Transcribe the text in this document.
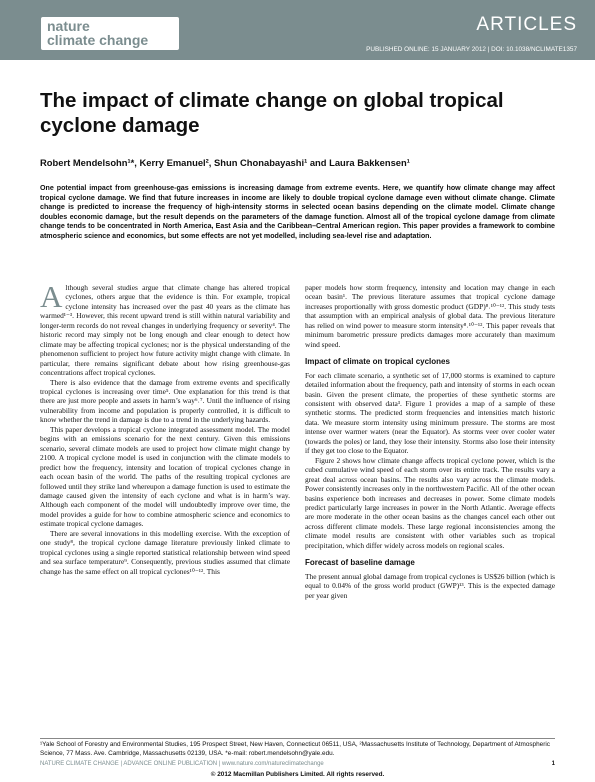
nature
climate change
ARTICLES
PUBLISHED ONLINE: 15 JANUARY 2012 | DOI: 10.1038/NCLIMATE1357
The impact of climate change on global tropical cyclone damage
Robert Mendelsohn¹*, Kerry Emanuel², Shun Chonabayashi¹ and Laura Bakkensen¹
One potential impact from greenhouse-gas emissions is increasing damage from extreme events. Here, we quantify how climate change may affect tropical cyclone damage. We find that future increases in income are likely to double tropical cyclone damage even without climate change. Climate change is predicted to increase the frequency of high-intensity storms in selected ocean basins depending on the climate model. Climate change doubles economic damage, but the result depends on the parameters of the damage function. Almost all of the tropical cyclone damage from climate change tends to be concentrated in North America, East Asia and the Caribbean–Central American region. This paper provides a framework to combine atmospheric science and economics, but some effects are not yet modelled, including sea-level rise and adaptation.

Although several studies argue that climate change has altered tropical cyclones, others argue that the evidence is thin. For example, tropical cyclone intensity has increased over the past 40 years as the climate has warmed¹⁻³. However, this recent upward trend is still within natural variability and longer-term records do not reveal changes in underlying frequency or severity⁴. The historic record may simply not be long enough and clear enough to detect how climate may be affecting tropical cyclones; nor is the physical understanding of the phenomenon sufficient to project how future activity might change with climate. In particular, there remains significant debate about how rising greenhouse-gas concentrations affect tropical cyclones.

There is also evidence that the damage from extreme events and specifically tropical cyclones is increasing over time⁵. One explanation for this trend is that there are just more people and assets in harm’s way⁶˒⁷. Until the influence of rising vulnerability from income and population is properly controlled, it is difficult to know whether the trend in damage is due to a trend in the underlying hazards.

This paper develops a tropical cyclone integrated assessment model. The model begins with an emissions scenario for the next century. Given this emissions scenario, several climate models are used to project how climate might change by 2100. A tropical cyclone model is used in conjunction with the climate models to predict how the frequency, intensity and location of tropical cyclones change in each ocean basin of the world. The paths of the resulting tropical cyclones are followed until they strike land whereupon a damage function is used to estimate the damage caused given the intensity of each cyclone and what is in harm’s way. Although each component of the model will undoubtedly improve over time, the model provides a guide for how to combine atmospheric science and economics to estimate tropical cyclone damages.

There are several innovations in this modelling exercise. With the exception of one study⁸, the tropical cyclone damage literature previously linked climate to tropical cyclones using a single reported statistical relationship between wind speed and sea surface temperature⁹. Consequently, previous studies assumed that climate change has the same effect on all tropical cyclones¹⁰⁻¹². This

paper models how storm frequency, intensity and location may change in each ocean basin¹. The previous literature assumes that tropical cyclone damage increases proportionally with gross domestic product (GDP)⁸˒¹⁰⁻¹². This study tests that assumption with an empirical analysis of global data. The previous literature has relied on wind power to measure storm intensity⁸˒¹⁰⁻¹². This paper reveals that minimum barometric pressure predicts damages more accurately than maximum wind speed.

Impact of climate on tropical cyclones

For each climate scenario, a synthetic set of 17,000 storms is examined to capture detailed information about the frequency, path and intensity of storms in each ocean basin. Given the present climate, the properties of these synthetic storms are consistent with observed data³. Figure 1 provides a map of a sample of these synthetic storms. The predicted storm frequencies and intensities match historic data. We measure storm intensity using minimum pressure. The storms are most intense over warmer waters (near the Equator). As storms veer over cooler water (towards the poles) or land, they lose their intensity. Storms also lose their intensity if they get too close to the Equator.

Figure 2 shows how climate change affects tropical cyclone power, which is the cubed cumulative wind speed of each storm over its entire track. The results vary a great deal across ocean basins. The results also vary across the climate models. Power consistently increases only in the northwestern Pacific. All of the other ocean basins experience both increases and decreases in power. Some climate models predict particularly large increases in power in the North Atlantic. Average effects are more moderate in the other ocean basins as the changes cancel each other out across different climate models. These large regional inconsistencies among the climate model results are consistent with other variables such as tropical precipitation, which differ widely across models on regional scales.

Forecast of baseline damage

The present annual global damage from tropical cyclones is US$26 billion (which is equal to 0.04% of the gross world product (GWP)¹³. This is the expected damage per year given

¹Yale School of Forestry and Environmental Studies, 195 Prospect Street, New Haven, Connecticut 06511, USA, ²Massachusetts Institute of Technology, Department of Atmospheric Science, 77 Mass. Ave. Cambridge, Massachusetts 02139, USA. *e-mail: robert.mendelsohn@yale.edu.
NATURE CLIMATE CHANGE | ADVANCE ONLINE PUBLICATION | www.nature.com/natureclimatechange	1
© 2012 Macmillan Publishers Limited. All rights reserved.
